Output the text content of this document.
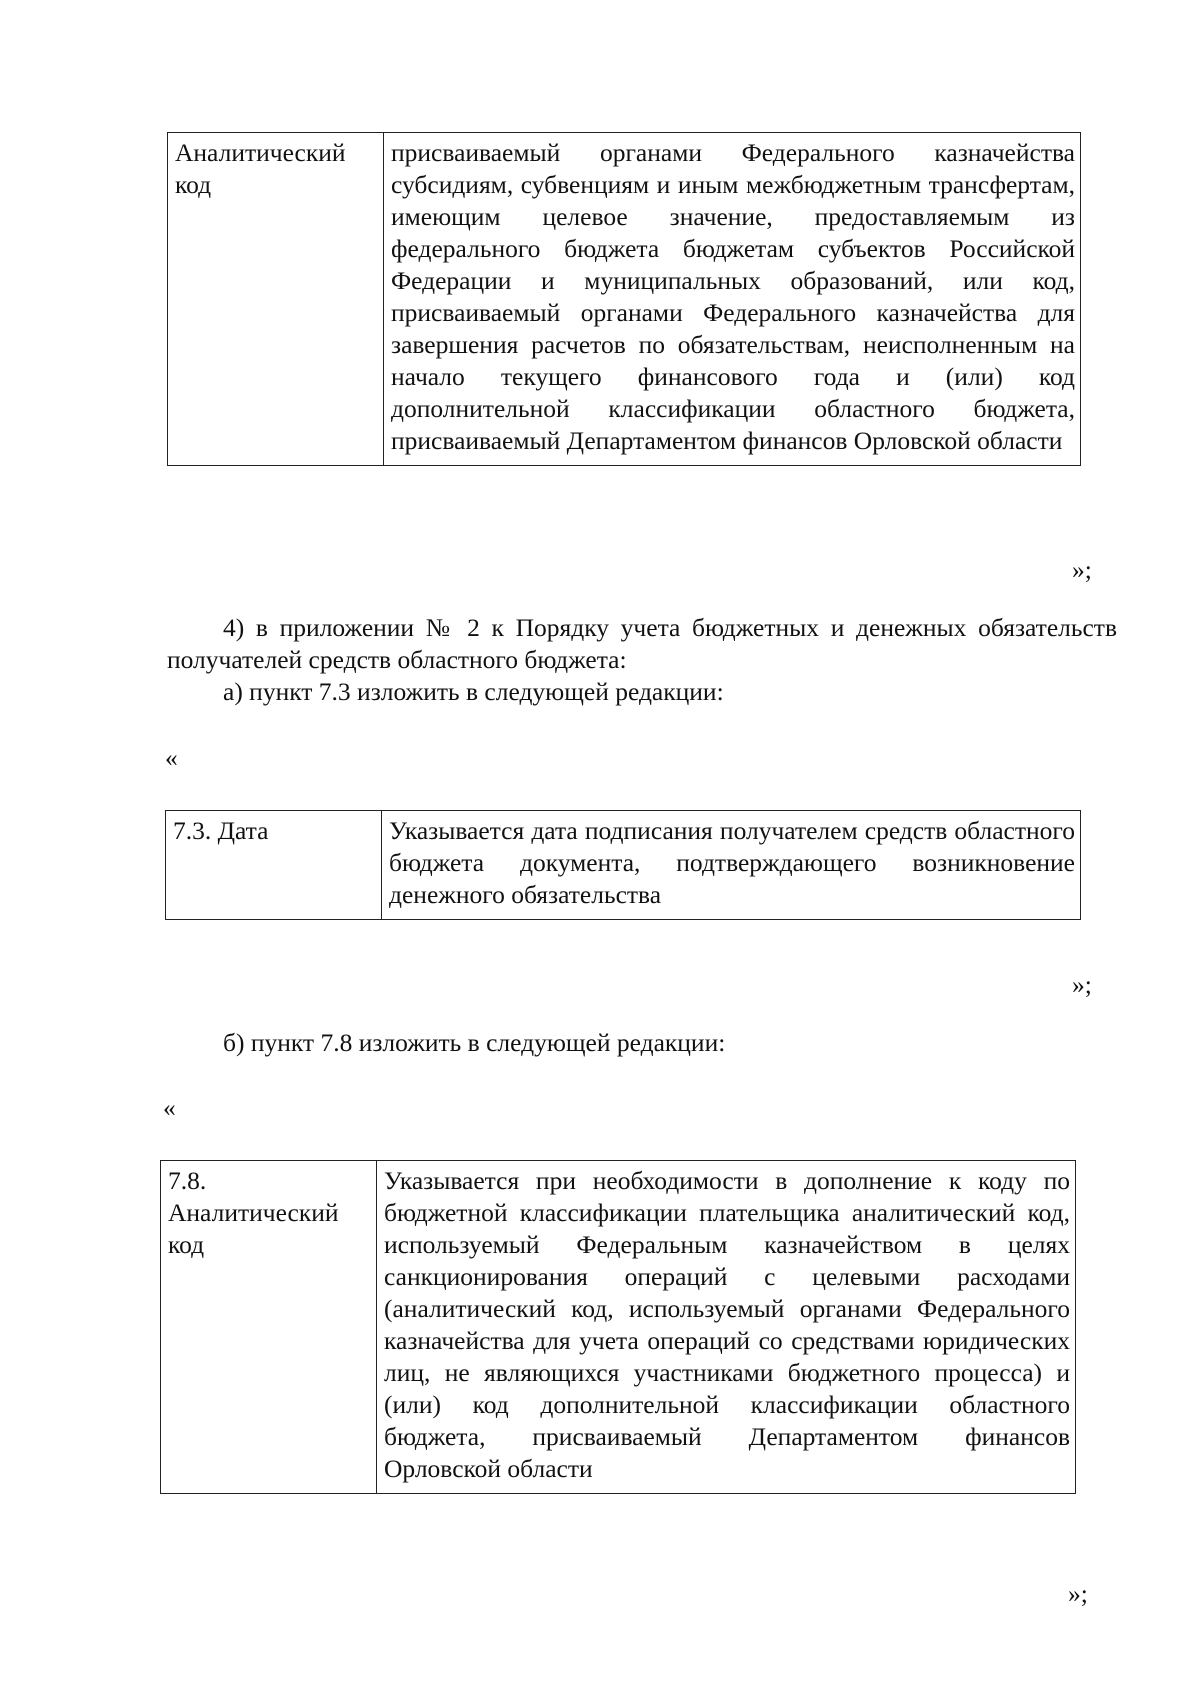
Аналитический код	присваиваемый органами Федерального казначейства субсидиям, субвенциям и иным межбюджетным трансфертам, имеющим целевое значение, предоставляемым из федерального бюджета бюджетам субъектов Российской Федерации и муниципальных образований, или код, присваиваемый органами Федерального казначейства для завершения расчетов по обязательствам, неисполненным на начало текущего финансового года и (или) код дополнительной классификации областного бюджета, присваиваемый Департаментом финансов Орловской области
»;
4) в приложении № 2 к Порядку учета бюджетных и денежных обязательств получателей средств областного бюджета:
а) пункт 7.3 изложить в следующей редакции:
«
7.3. Дата	Указывается дата подписания получателем средств областного бюджета документа, подтверждающего возникновение денежного обязательства
»;
б) пункт 7.8 изложить в следующей редакции:
«
7.8. Аналитический код	Указывается при необходимости в дополнение к коду по бюджетной классификации плательщика аналитический код, используемый Федеральным казначейством в целях санкционирования операций с целевыми расходами (аналитический код, используемый органами Федерального казначейства для учета операций со средствами юридических лиц, не являющихся участниками бюджетного процесса) и (или) код дополнительной классификации областного бюджета, присваиваемый Департаментом финансов Орловской области
»;
